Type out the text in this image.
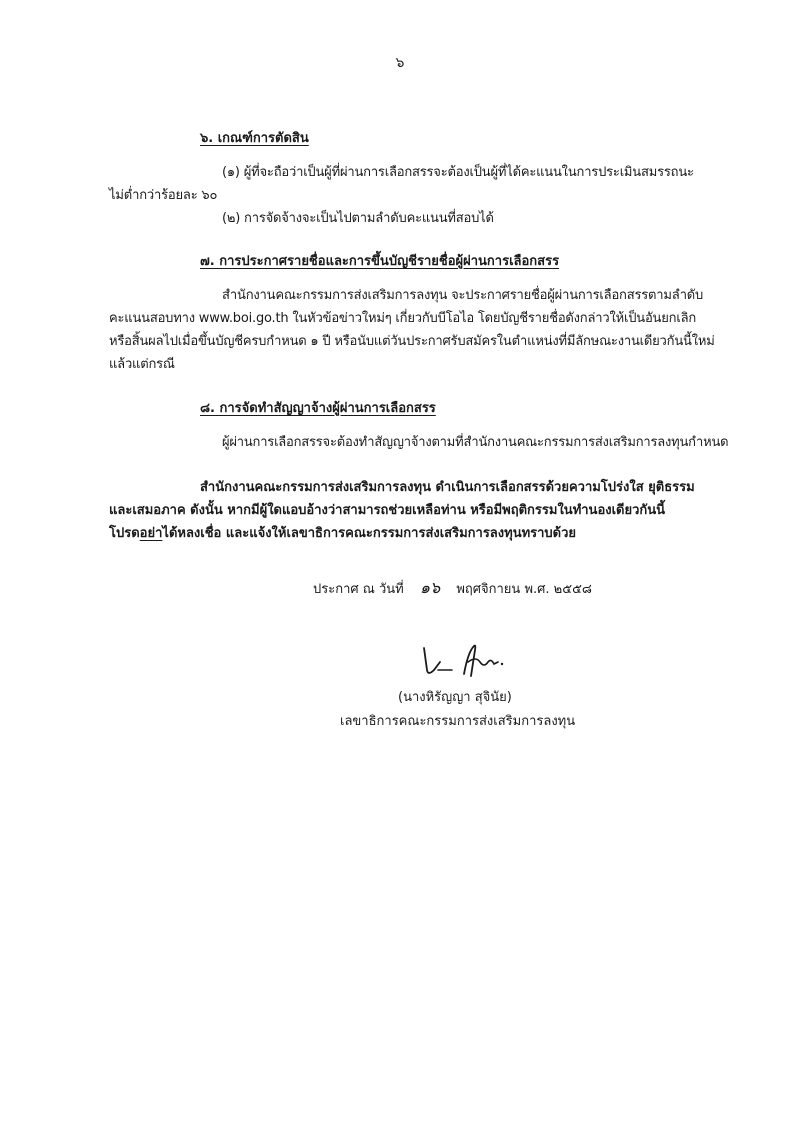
๖
๖. เกณฑ์การตัดสิน
(๑) ผู้ที่จะถือว่าเป็นผู้ที่ผ่านการเลือกสรรจะต้องเป็นผู้ที่ได้คะแนนในการประเมินสมรรถนะ
ไม่ต่ำกว่าร้อยละ ๖๐
(๒) การจัดจ้างจะเป็นไปตามลำดับคะแนนที่สอบได้
๗. การประกาศรายชื่อและการขึ้นบัญชีรายชื่อผู้ผ่านการเลือกสรร
สำนักงานคณะกรรมการส่งเสริมการลงทุน จะประกาศรายชื่อผู้ผ่านการเลือกสรรตามลำดับ
คะแนนสอบทาง www.boi.go.th ในหัวข้อข่าวใหม่ๆ เกี่ยวกับบีโอไอ โดยบัญชีรายชื่อดังกล่าวให้เป็นอันยกเลิก
หรือสิ้นผลไปเมื่อขึ้นบัญชีครบกำหนด ๑ ปี หรือนับแต่วันประกาศรับสมัครในตำแหน่งที่มีลักษณะงานเดียวกันนี้ใหม่
แล้วแต่กรณี
๘. การจัดทำสัญญาจ้างผู้ผ่านการเลือกสรร
ผู้ผ่านการเลือกสรรจะต้องทำสัญญาจ้างตามที่สำนักงานคณะกรรมการส่งเสริมการลงทุนกำหนด
สำนักงานคณะกรรมการส่งเสริมการลงทุน ดำเนินการเลือกสรรด้วยความโปร่งใส ยุติธรรม
และเสมอภาค ดังนั้น หากมีผู้ใดแอบอ้างว่าสามารถช่วยเหลือท่าน หรือมีพฤติกรรมในทำนองเดียวกันนี้
โปรดอย่าได้หลงเชื่อ และแจ้งให้เลขาธิการคณะกรรมการส่งเสริมการลงทุนทราบด้วย
ประกาศ ณ วันที่ ๑๖ พฤศจิกายน พ.ศ. ๒๕๕๘
(นางหิรัญญา สุจินัย)
เลขาธิการคณะกรรมการส่งเสริมการลงทุน
